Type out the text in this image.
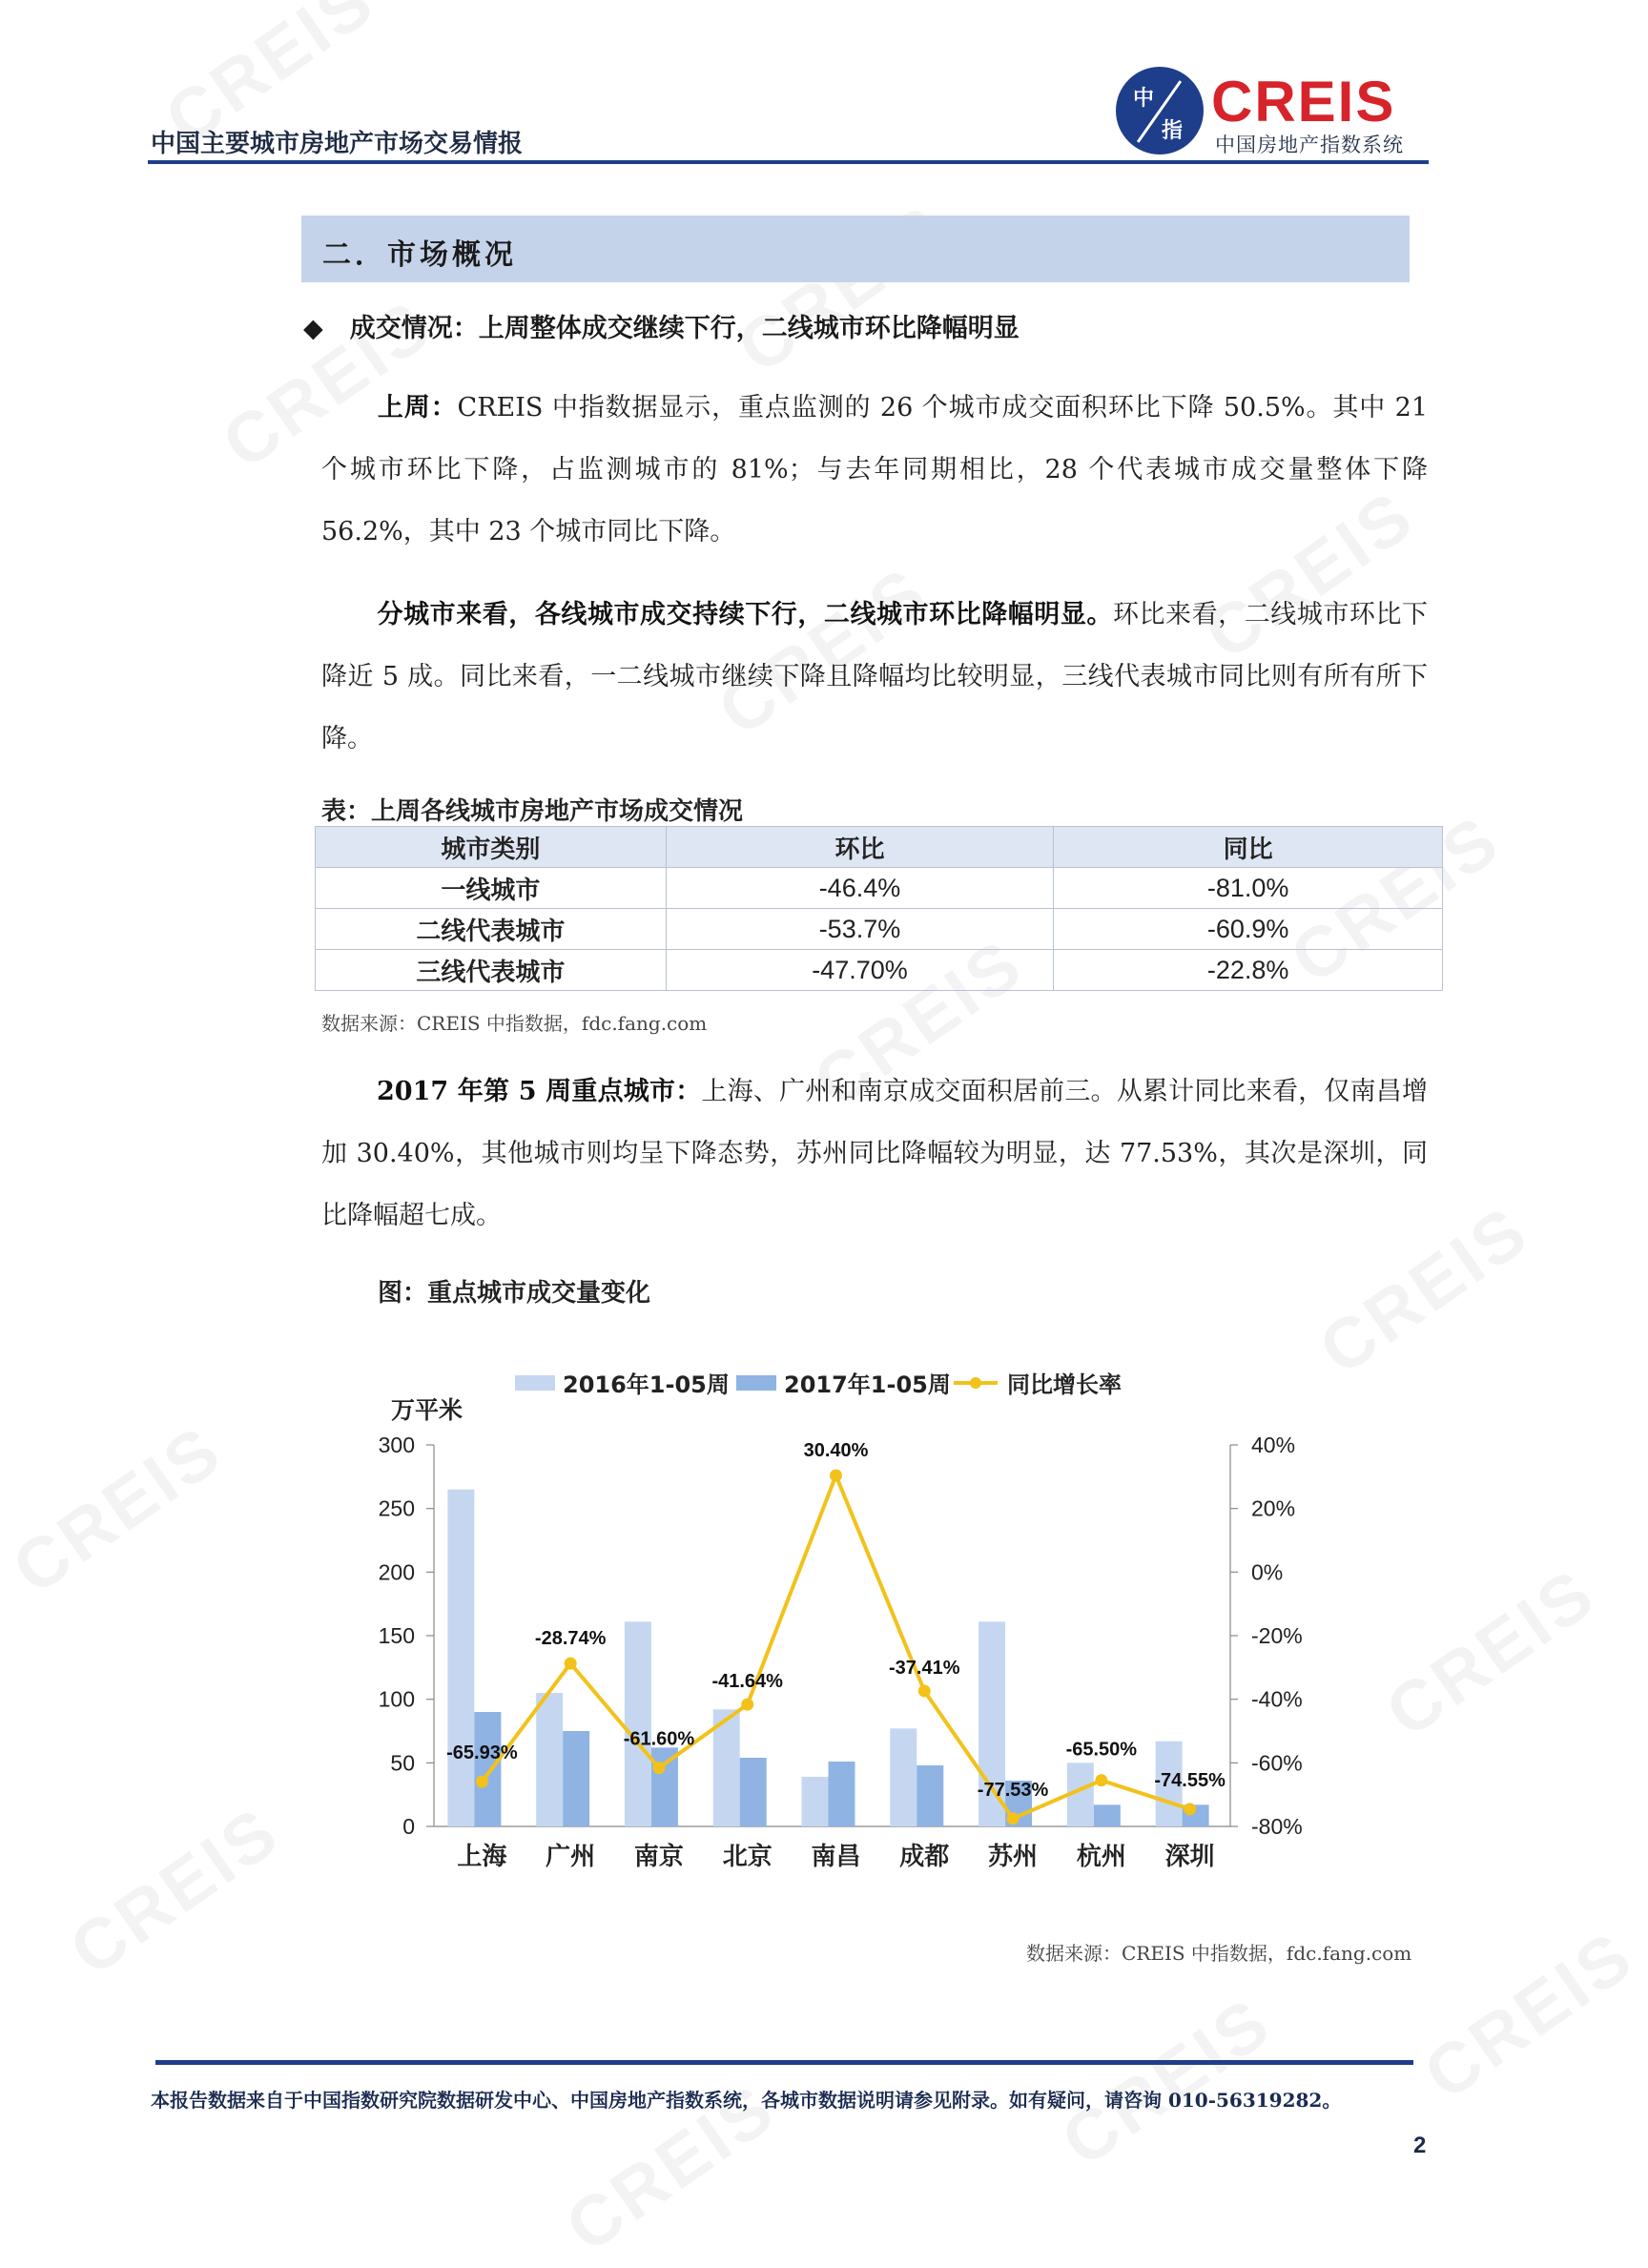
中国主要城市房地产市场交易情报
中
指 CREIS
中国房地产指数系统
二．市场概况
◆ 成交情况：上周整体成交继续下行，二线城市环比降幅明显
上周：CREIS 中指数据显示，重点监测的 26 个城市成交面积环比下降 50.5%。其中 21 个城市环比下降，占监测城市的 81%；与去年同期相比，28 个代表城市成交量整体下降 56.2%，其中 23 个城市同比下降。
分城市来看，各线城市成交持续下行，二线城市环比降幅明显。环比来看，二线城市环比下降近 5 成。同比来看，一二线城市继续下降且降幅均比较明显，三线代表城市同比则有所有所下降。
表：上周各线城市房地产市场成交情况
城市类别	环比	同比
一线城市	-46.4%	-81.0%
二线代表城市	-53.7%	-60.9%
三线代表城市	-47.70%	-22.8%
数据来源：CREIS 中指数据，fdc.fang.com
2017 年第 5 周重点城市：上海、广州和南京成交面积居前三。从累计同比来看，仅南昌增加 30.40%，其他城市则均呈下降态势，苏州同比降幅较为明显，达 77.53%，其次是深圳，同比降幅超七成。
图：重点城市成交量变化
0
50
100
150
200
250
300
-80%
-60%
-40%
-20%
0%
20%
40%
万平米
上海 广州 南京 北京 南昌 成都 苏州 杭州 深圳
-65.93%
-28.74%
-61.60%
-41.64%
30.40%
-37.41%
-77.53%
-65.50%
-74.55%
2016年1-05周 2017年1-05周 同比增长率
数据来源：CREIS 中指数据，fdc.fang.com
本报告数据来自于中国指数研究院数据研发中心、中国房地产指数系统，各城市数据说明请参见附录。如有疑问，请咨询 010-56319282。
2
